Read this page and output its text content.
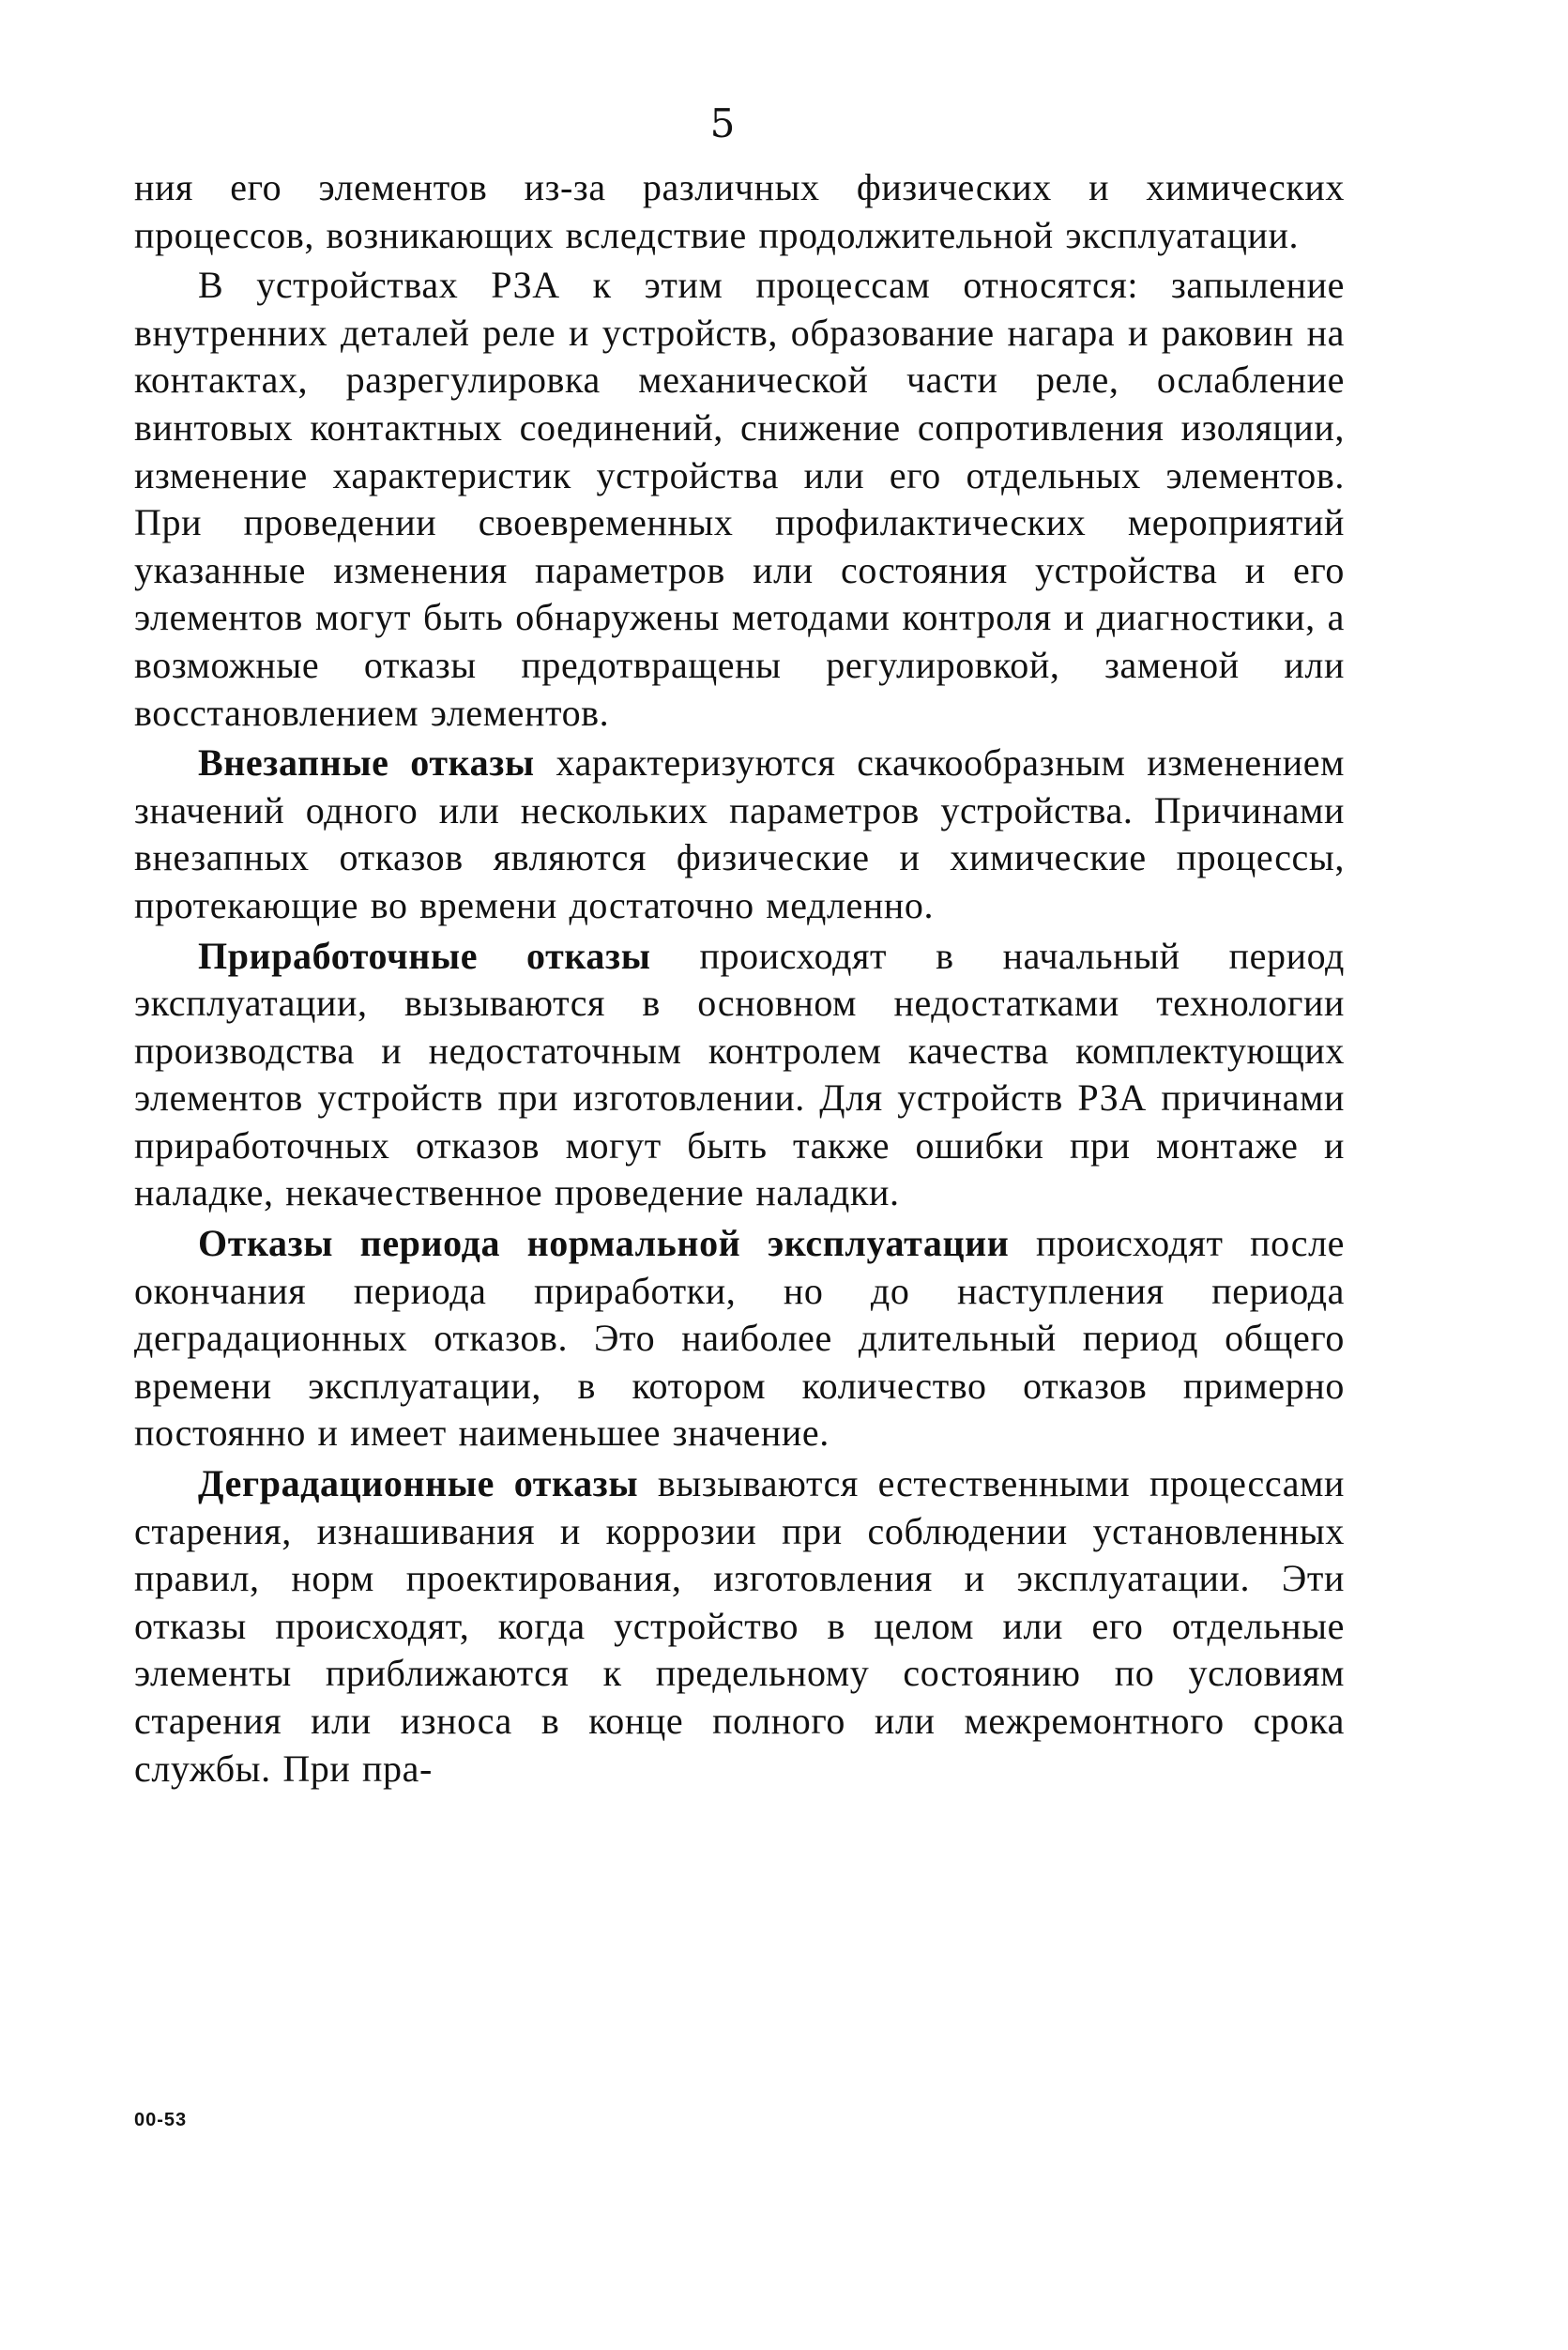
5

ния его элементов из-за различных физических и химических процессов, возникающих вследствие продолжительной эксплуатации.

В устройствах РЗА к этим процессам относятся: запыление внутренних деталей реле и устройств, образование нагара и раковин на контактах, разрегулировка механической части реле, ослабление винтовых контактных соединений, снижение сопротивления изоляции, изменение характеристик устройства или его отдельных элементов. При проведении своевременных профилактических мероприятий указанные изменения параметров или состояния устройства и его элементов могут быть обнаружены методами контроля и диагностики, а возможные отказы предотвращены регулировкой, заменой или восстановлением элементов.

Внезапные отказы характеризуются скачкообразным изменением значений одного или нескольких параметров устройства. Причинами внезапных отказов являются физические и химические процессы, протекающие во времени достаточно медленно.

Приработочные отказы происходят в начальный период эксплуатации, вызываются в основном недостатками технологии производства и недостаточным контролем качества комплектующих элементов устройств при изготовлении. Для устройств РЗА причинами приработочных отказов могут быть также ошибки при монтаже и наладке, некачественное проведение наладки.

Отказы периода нормальной эксплуатации происходят после окончания периода приработки, но до наступления периода деградационных отказов. Это наиболее длительный период общего времени эксплуатации, в котором количество отказов примерно постоянно и имеет наименьшее значение.

Деградационные отказы вызываются естественными процессами старения, изнашивания и коррозии при соблюдении установленных правил, норм проектирования, изготовления и эксплуатации. Эти отказы происходят, когда устройство в целом или его отдельные элементы приближаются к предельному состоянию по условиям старения или износа в конце полного или межремонтного срока службы. При пра-

00-53
